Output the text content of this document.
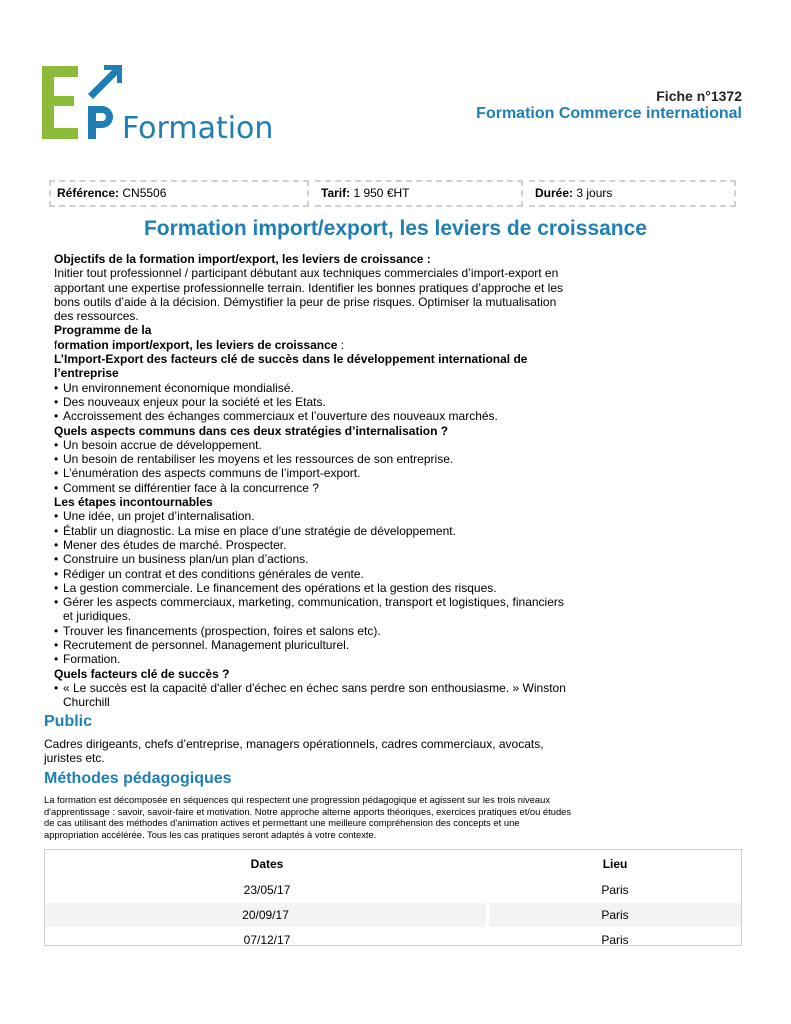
Formation
Fiche n°1372
Formation Commerce international
Référence: CN5506	Tarif: 1 950 €HT	Durée: 3 jours
Formation import/export, les leviers de croissance

Objectifs de la formation import/export, les leviers de croissance :

Initier tout professionnel / participant débutant aux techniques commerciales d’import-export en apportant une expertise professionnelle terrain. Identifier les bonnes pratiques d’approche et les bons outils d’aide à la décision. Démystifier la peur de prise risques. Optimiser la mutualisation des ressources.

Programme de la

formation import/export, les leviers de croissance :

L’Import-Export des facteurs clé de succès dans le développement international de l’entreprise

• Un environnement économique mondialisé.
• Des nouveaux enjeux pour la société et les Etats.
• Accroissement des échanges commerciaux et l’ouverture des nouveaux marchés.

Quels aspects communs dans ces deux stratégies d’internalisation ?

• Un besoin accrue de développement.
• Un besoin de rentabiliser les moyens et les ressources de son entreprise.
• L’énumération des aspects communs de l’import-export.
• Comment se différentier face à la concurrence ?

Les étapes incontournables

• Une idée, un projet d’internalisation.
• Établir un diagnostic. La mise en place d’une stratégie de développement.
• Mener des études de marché. Prospecter.
• Construire un business plan/un plan d’actions.
• Rédiger un contrat et des conditions générales de vente.
• La gestion commerciale. Le financement des opérations et la gestion des risques.
• Gérer les aspects commerciaux, marketing, communication, transport et logistiques, financiers et juridiques.
• Trouver les financements (prospection, foires et salons etc).
• Recrutement de personnel. Management pluriculturel.
• Formation.

Quels facteurs clé de succès ?

• « Le succès est la capacité d'aller d'échec en échec sans perdre son enthousiasme. » Winston Churchill
Public
Cadres dirigeants, chefs d’entreprise, managers opérationnels, cadres commerciaux, avocats, juristes etc.
Méthodes pédagogiques
La formation est décomposée en séquences qui respectent une progression pédagogique et agissent sur les trois niveaux d'apprentissage : savoir, savoir-faire et motivation. Notre approche alterne apports théoriques, exercices pratiques et/ou études de cas utilisant des méthodes d'animation actives et permettant une meilleure compréhension des concepts et une appropriation accélérée. Tous les cas pratiques seront adaptés à votre contexte.
Dates	Lieu
23/05/17	Paris
20/09/17	Paris
07/12/17	Paris
